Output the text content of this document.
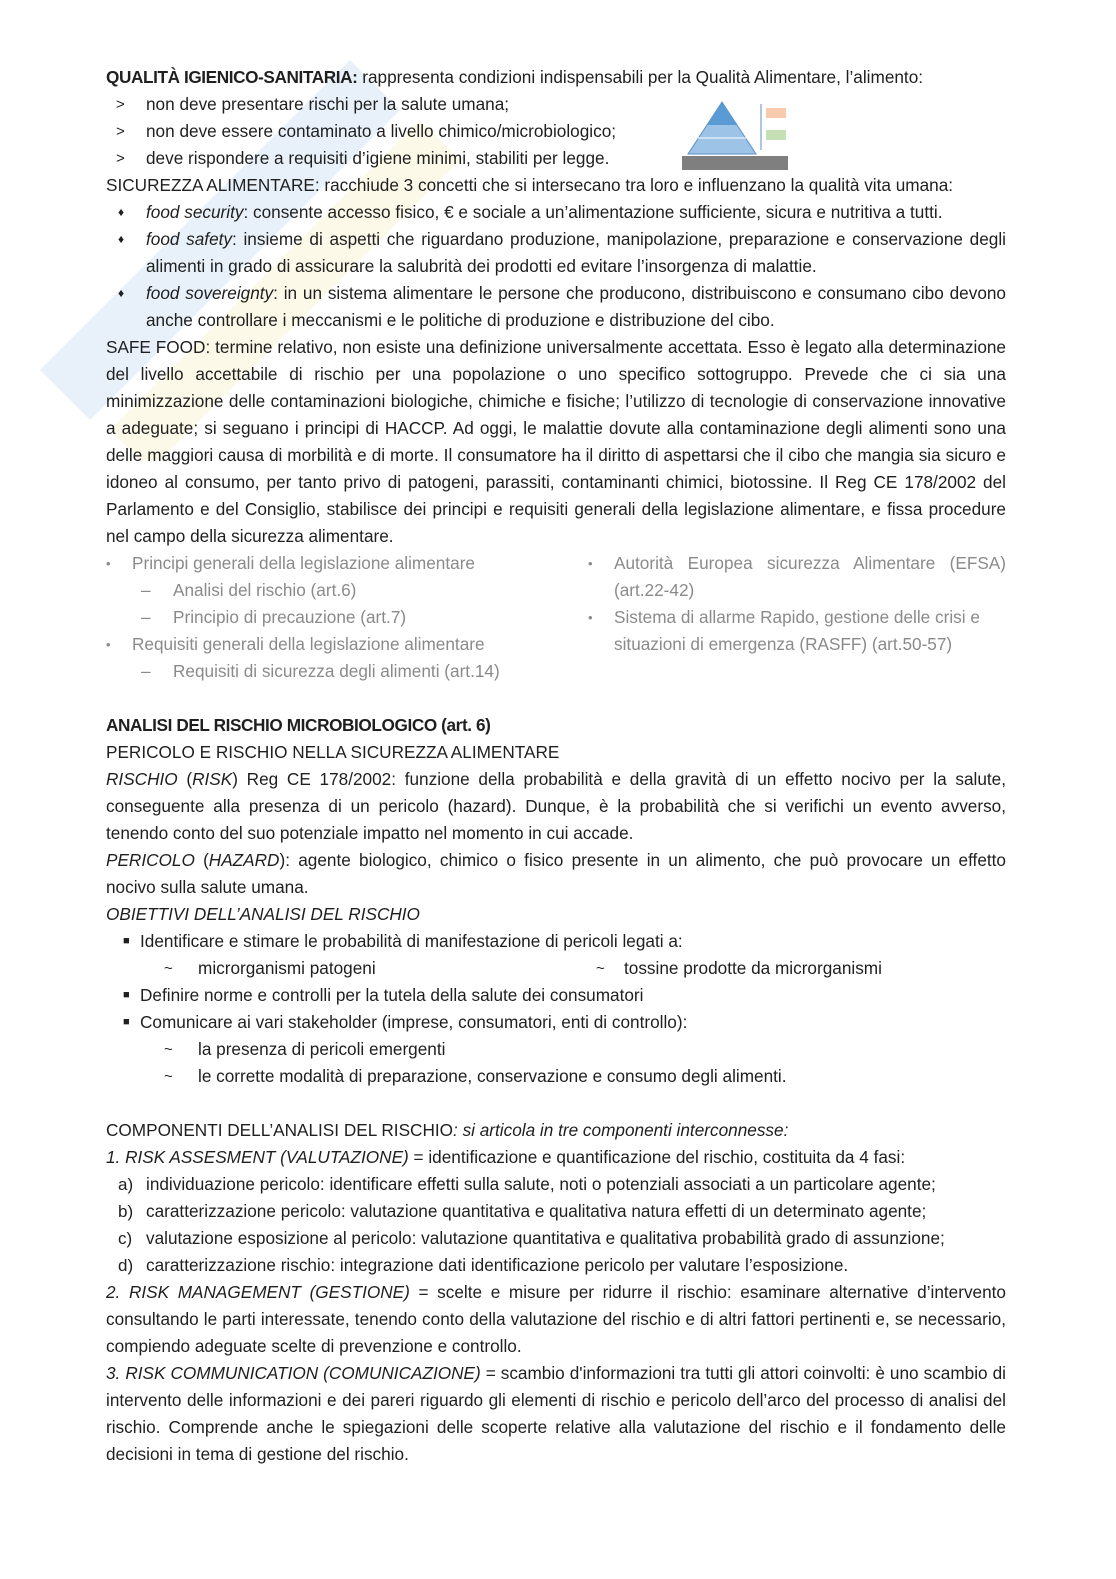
QUALITÀ IGIENICO-SANITARIA: rappresenta condizioni indispensabili per la Qualità Alimentare, l’alimento:

> non deve presentare rischi per la salute umana;
> non deve essere contaminato a livello chimico/microbiologico;
> deve rispondere a requisiti d’igiene minimi, stabiliti per legge.

SICUREZZA ALIMENTARE: racchiude 3 concetti che si intersecano tra loro e influenzano la qualità vita umana:

♦ food security: consente accesso fisico, € e sociale a un’alimentazione sufficiente, sicura e nutritiva a tutti.
♦ food safety: insieme di aspetti che riguardano produzione, manipolazione, preparazione e conservazione degli alimenti in grado di assicurare la salubrità dei prodotti ed evitare l’insorgenza di malattie.
♦ food sovereignty: in un sistema alimentare le persone che producono, distribuiscono e consumano cibo devono anche controllare i meccanismi e le politiche di produzione e distribuzione del cibo.

SAFE FOOD: termine relativo, non esiste una definizione universalmente accettata. Esso è legato alla determinazione del livello accettabile di rischio per una popolazione o uno specifico sottogruppo. Prevede che ci sia una minimizzazione delle contaminazioni biologiche, chimiche e fisiche; l’utilizzo di tecnologie di conservazione innovative a adeguate; si seguano i principi di HACCP. Ad oggi, le malattie dovute alla contaminazione degli alimenti sono una delle maggiori causa di morbilità e di morte. Il consumatore ha il diritto di aspettarsi che il cibo che mangia sia sicuro e idoneo al consumo, per tanto privo di patogeni, parassiti, contaminanti chimici, biotossine. Il Reg CE 178/2002 del Parlamento e del Consiglio, stabilisce dei principi e requisiti generali della legislazione alimentare, e fissa procedure nel campo della sicurezza alimentare.

• Principi generali della legislazione alimentare
– Analisi del rischio (art.6)
– Principio di precauzione (art.7)
• Requisiti generali della legislazione alimentare
– Requisiti di sicurezza degli alimenti (art.14)
• Autorità Europea sicurezza Alimentare (EFSA) (art.22-42)
• Sistema di allarme Rapido, gestione delle crisi e situazioni di emergenza (RASFF) (art.50-57)

ANALISI DEL RISCHIO MICROBIOLOGICO (art. 6)

PERICOLO E RISCHIO NELLA SICUREZZA ALIMENTARE

RISCHIO (RISK) Reg CE 178/2002: funzione della probabilità e della gravità di un effetto nocivo per la salute, conseguente alla presenza di un pericolo (hazard). Dunque, è la probabilità che si verifichi un evento avverso, tenendo conto del suo potenziale impatto nel momento in cui accade.

PERICOLO (HAZARD): agente biologico, chimico o fisico presente in un alimento, che può provocare un effetto nocivo sulla salute umana.

OBIETTIVI DELL’ANALISI DEL RISCHIO

■ Identificare e stimare le probabilità di manifestazione di pericoli legati a:
~ microrganismi patogeni	~ tossine prodotte da microrganismi
■ Definire norme e controlli per la tutela della salute dei consumatori
■ Comunicare ai vari stakeholder (imprese, consumatori, enti di controllo):
~ la presenza di pericoli emergenti
~ le corrette modalità di preparazione, conservazione e consumo degli alimenti.

COMPONENTI DELL’ANALISI DEL RISCHIO: si articola in tre componenti interconnesse:

1. RISK ASSESMENT (VALUTAZIONE) = identificazione e quantificazione del rischio, costituita da 4 fasi:

a) individuazione pericolo: identificare effetti sulla salute, noti o potenziali associati a un particolare agente;
b) caratterizzazione pericolo: valutazione quantitativa e qualitativa natura effetti di un determinato agente;
c) valutazione esposizione al pericolo: valutazione quantitativa e qualitativa probabilità grado di assunzione;
d) caratterizzazione rischio: integrazione dati identificazione pericolo per valutare l’esposizione.

2. RISK MANAGEMENT (GESTIONE) = scelte e misure per ridurre il rischio: esaminare alternative d’intervento consultando le parti interessate, tenendo conto della valutazione del rischio e di altri fattori pertinenti e, se necessario, compiendo adeguate scelte di prevenzione e controllo.

3. RISK COMMUNICATION (COMUNICAZIONE) = scambio d'informazioni tra tutti gli attori coinvolti: è uno scambio di intervento delle informazioni e dei pareri riguardo gli elementi di rischio e pericolo dell’arco del processo di analisi del rischio. Comprende anche le spiegazioni delle scoperte relative alla valutazione del rischio e il fondamento delle decisioni in tema di gestione del rischio.
